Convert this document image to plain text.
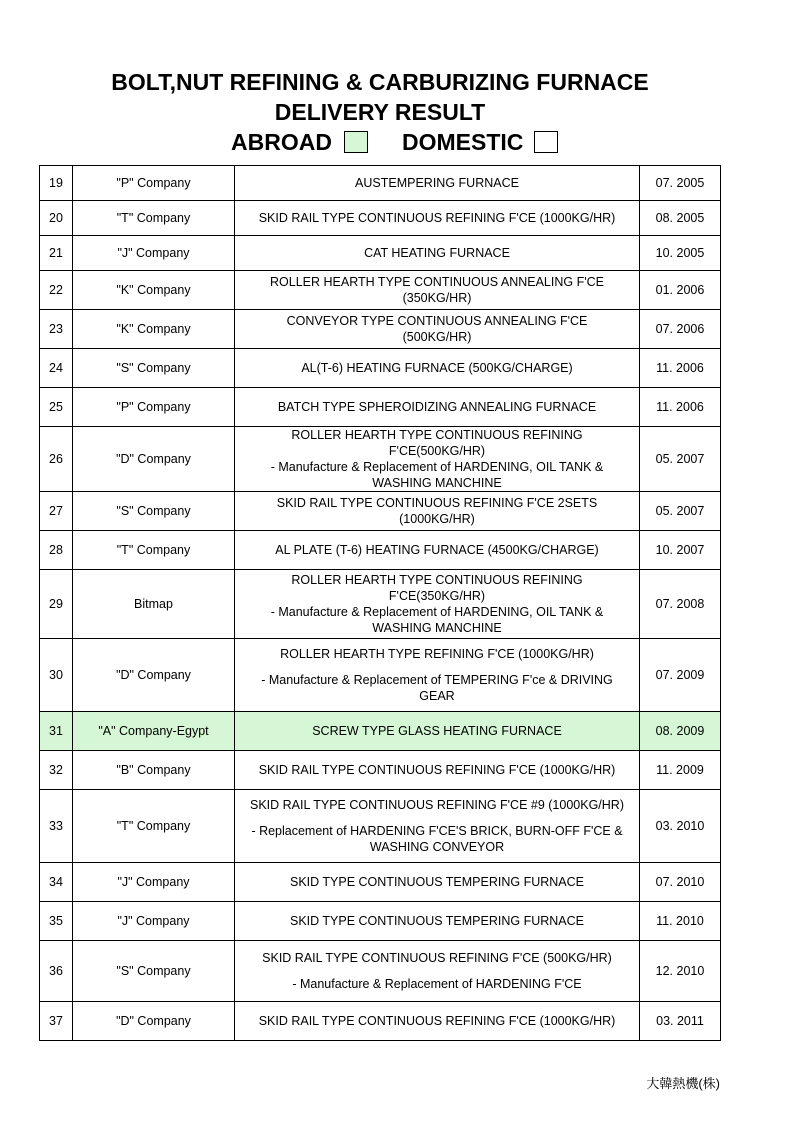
BOLT,NUT REFINING & CARBURIZING FURNACE
DELIVERY RESULT
ABROAD	DOMESTIC
19	"P" Company	AUSTEMPERING FURNACE	07. 2005
20	"T" Company	SKID RAIL TYPE CONTINUOUS REFINING F'CE (1000KG/HR)	08. 2005
21	"J" Company	CAT HEATING FURNACE	10. 2005
22	"K" Company	ROLLER HEARTH TYPE CONTINUOUS ANNEALING F'CE
(350KG/HR)	01. 2006
23	"K" Company	CONVEYOR TYPE CONTINUOUS ANNEALING F'CE
(500KG/HR)	07. 2006
24	"S" Company	AL(T-6) HEATING FURNACE (500KG/CHARGE)	11. 2006
25	"P" Company	BATCH TYPE SPHEROIDIZING ANNEALING FURNACE	11. 2006
26	"D" Company	ROLLER HEARTH TYPE CONTINUOUS REFINING
F'CE(500KG/HR)
- Manufacture & Replacement of HARDENING, OIL TANK &
WASHING MANCHINE	05. 2007
27	"S" Company	SKID RAIL TYPE CONTINUOUS REFINING F'CE 2SETS
(1000KG/HR)	05. 2007
28	"T" Company	AL PLATE (T-6) HEATING FURNACE (4500KG/CHARGE)	10. 2007
29	Bitmap	ROLLER HEARTH TYPE CONTINUOUS REFINING
F'CE(350KG/HR)
- Manufacture & Replacement of HARDENING, OIL TANK &
WASHING MANCHINE	07. 2008
30	"D" Company	ROLLER HEARTH TYPE REFINING F'CE (1000KG/HR)
- Manufacture & Replacement of TEMPERING F'ce & DRIVING
GEAR	07. 2009
31	"A" Company-Egypt	SCREW TYPE GLASS HEATING FURNACE	08. 2009
32	"B" Company	SKID RAIL TYPE CONTINUOUS REFINING F'CE (1000KG/HR)	11. 2009
33	"T" Company	SKID RAIL TYPE CONTINUOUS REFINING F'CE #9 (1000KG/HR)
- Replacement of HARDENING F'CE'S BRICK, BURN-OFF F'CE &
WASHING CONVEYOR	03. 2010
34	"J" Company	SKID TYPE CONTINUOUS TEMPERING FURNACE	07. 2010
35	"J" Company	SKID TYPE CONTINUOUS TEMPERING FURNACE	11. 2010
36	"S" Company	SKID RAIL TYPE CONTINUOUS REFINING F'CE (500KG/HR)
- Manufacture & Replacement of HARDENING F'CE	12. 2010
37	"D" Company	SKID RAIL TYPE CONTINUOUS REFINING F'CE (1000KG/HR)	03. 2011
大韓熱機(株)
